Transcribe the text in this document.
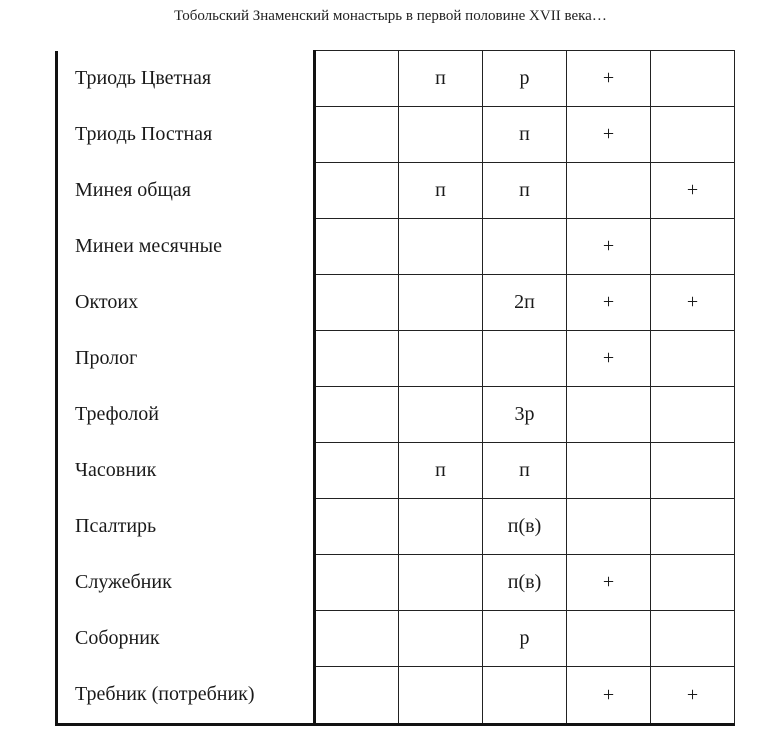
Тобольский Знаменский монастырь в первой половине XVII века…
Триодь Цветная		п	р	+	
Триодь Постная			п	+	
Минея общая		п	п		+
Минеи месячные				+	
Октоих			2п	+	+
Пролог				+	
Трефолой			3р		
Часовник		п	п		
Псалтирь			п(в)		
Служебник			п(в)	+	
Соборник			р		
Требник (потребник)				+	+
